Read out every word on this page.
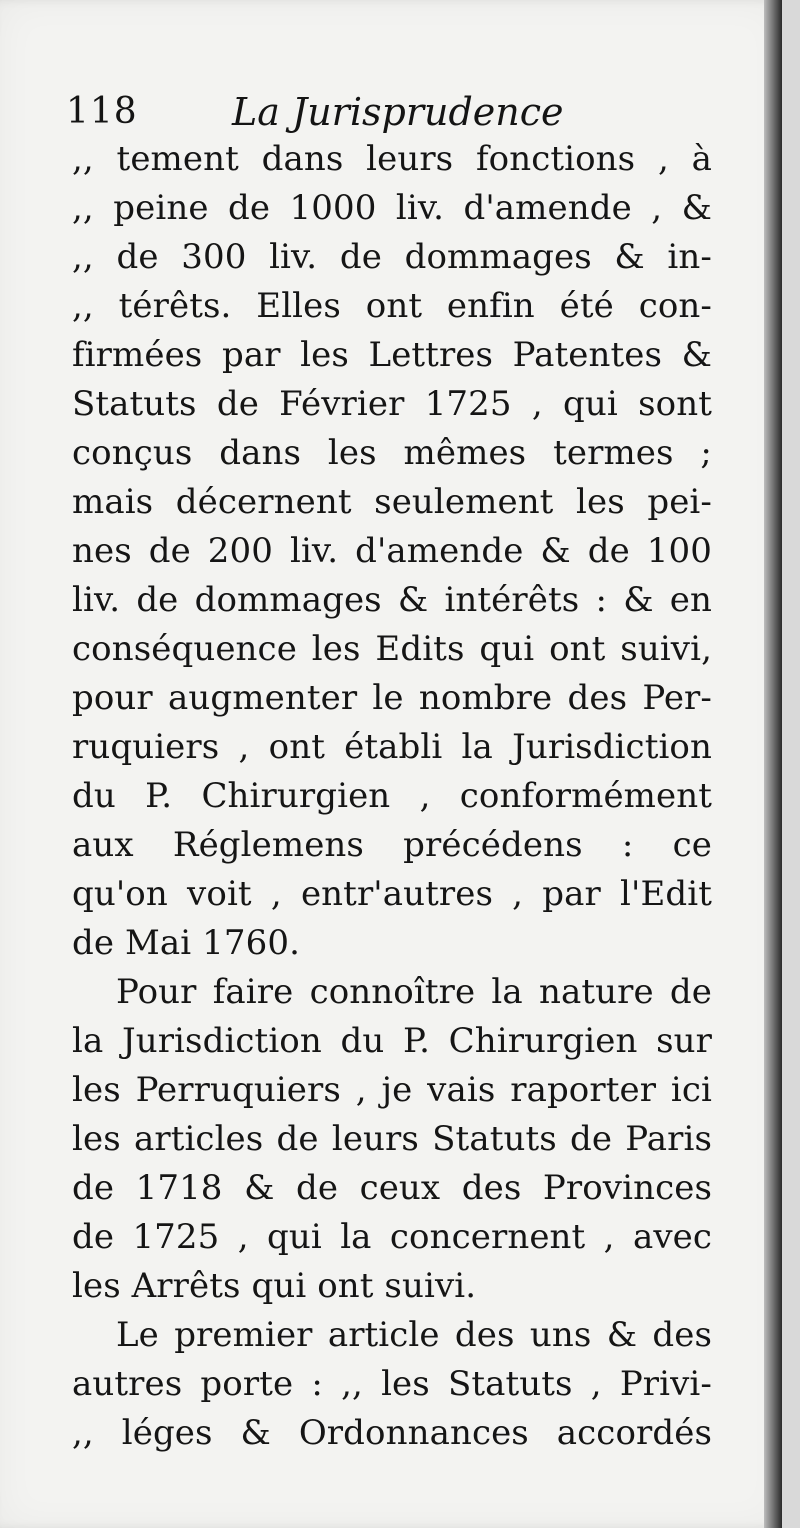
118 La Jurisprudence
,, tement dans leurs fonctions , à
,, peine de 1000 liv. d'amende , &
,, de 300 liv. de dommages & in-
,, térêts. Elles ont enfin été con-
firmées par les Lettres Patentes &
Statuts de Février 1725 , qui sont
conçus dans les mêmes termes ;
mais décernent seulement les pei-
nes de 200 liv. d'amende & de 100
liv. de dommages & intérêts : & en
conséquence les Edits qui ont suivi,
pour augmenter le nombre des Per-
ruquiers , ont établi la Jurisdiction
du P. Chirurgien , conformément
aux Réglemens précédens : ce
qu'on voit , entr'autres , par l'Edit
de Mai 1760.
Pour faire connoître la nature de
la Jurisdiction du P. Chirurgien sur
les Perruquiers , je vais raporter ici
les articles de leurs Statuts de Paris
de 1718 & de ceux des Provinces
de 1725 , qui la concernent , avec
les Arrêts qui ont suivi.
Le premier article des uns & des
autres porte : ,, les Statuts , Privi-
,, léges & Ordonnances accordés
